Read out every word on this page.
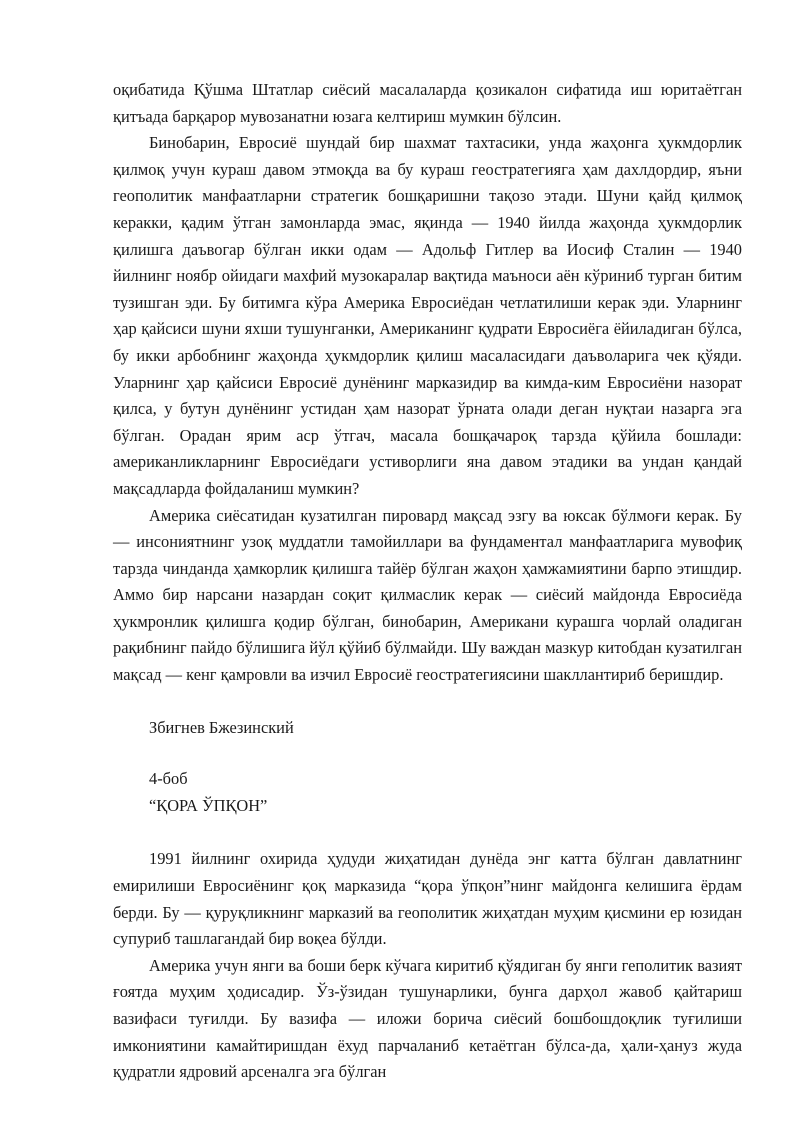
оқибатида Қўшма Штатлар сиёсий масалаларда қозикалон сифатида иш юритаётган қитъада барқарор мувозанатни юзага келтириш мумкин бўлсин.

Бинобарин, Евросиё шундай бир шахмат тахтасики, унда жаҳонга ҳукмдорлик қилмоқ учун кураш давом этмоқда ва бу кураш геостратегияга ҳам дахлдордир, яъни геополитик манфаатларни стратегик бошқаришни тақозо этади. Шуни қайд қилмоқ керакки, қадим ўтган замонларда эмас, яқинда — 1940 йилда жаҳонда ҳукмдорлик қилишга даъвогар бўлган икки одам — Адольф Гитлер ва Иосиф Сталин — 1940 йилнинг ноябр ойидаги махфий музокаралар вақтида маъноси аён кўриниб турган битим тузишган эди. Бу битимга кўра Америка Евросиёдан четлатилиши керак эди. Уларнинг ҳар қайсиси шуни яхши тушунганки, Американинг қудрати Евросиёга ёйиладиган бўлса, бу икки арбобнинг жаҳонда ҳукмдорлик қилиш масаласидаги даъволарига чек қўяди. Уларнинг ҳар қайсиси Евросиё дунёнинг марказидир ва кимда-ким Евросиёни назорат қилса, у бутун дунёнинг устидан ҳам назорат ўрната олади деган нуқтаи назарга эга бўлган. Орадан ярим аср ўтгач, масала бошқачароқ тарзда қўйила бошлади: американликларнинг Евросиёдаги устиворлиги яна давом этадики ва ундан қандай мақсадларда фойдаланиш мумкин?

Америка сиёсатидан кузатилган пировард мақсад эзгу ва юксак бўлмоғи керак. Бу — инсониятнинг узоқ муддатли тамойиллари ва фундаментал манфаатларига мувофиқ тарзда чинданда ҳамкорлик қилишга тайёр бўлган жаҳон ҳамжамиятини барпо этишдир. Аммо бир нарсани назардан соқит қилмаслик керак — сиёсий майдонда Евросиёда ҳукмронлик қилишга қодир бўлган, бинобарин, Американи курашга чорлай оладиган рақибнинг пайдо бўлишига йўл қўйиб бўлмайди. Шу важдан мазкур китобдан кузатилган мақсад — кенг қамровли ва изчил Евросиё геостратегиясини шакллантириб беришдир.

Збигнев Бжезинский
4-боб
“ҚОРА ЎПҚОН”

1991 йилнинг охирида ҳудуди жиҳатидан дунёда энг катта бўлган давлатнинг емирилиши Евросиёнинг қоқ марказида “қора ўпқон”нинг майдонга келишига ёрдам берди. Бу — қуруқликнинг марказий ва геополитик жиҳатдан муҳим қисмини ер юзидан супуриб ташлагандай бир воқеа бўлди.

Америка учун янги ва боши берк кўчага киритиб қўядиган бу янги геполитик вазият ғоятда муҳим ҳодисадир. Ўз-ўзидан тушунарлики, бунга дарҳол жавоб қайтариш вазифаси туғилди. Бу вазифа — иложи борича сиёсий бошбошдоқлик туғилиши имкониятини камайтиришдан ёхуд парчаланиб кетаётган бўлса-да, ҳали-ҳануз жуда қудратли ядровий арсеналга эга бўлган
